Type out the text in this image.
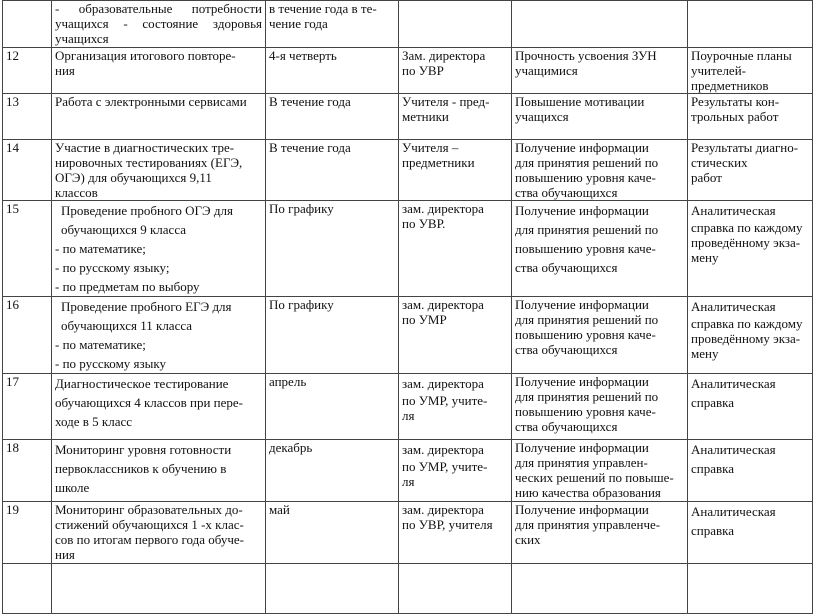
	- образовательные потребности учащихся - состояние здоровья учащихся	в течение года в те-
чение года			

12	Организация итогового повторе-
ния	4-я четверть	Зам. директора
по УВР	Прочность усвоения ЗУН
учащимися	Поурочные планы
учителей-
предметников

13	Работа с электронными сервисами	В течение года	Учителя - пред-
метники	Повышение мотивации
учащихся	Результаты кон-
трольных работ

14	Участие в диагностических тре-
нировочных тестированиях (ЕГЭ,
ОГЭ) для обучающихся 9,11
классов	В течение года	Учителя –
предметники	Получение информации
для принятия решений по
повышению уровня каче-
ства обучающихся	Результаты диагно-
стических
работ

15	Проведение пробного ОГЭ для
обучающихся 9 класса
- по математике;
- по русскому языку;
- по предметам по выбору	По графику	зам. директора
по УВР.	Получение информации
для принятия решений по
повышению уровня каче-
ства обучающихся	Аналитическая
справка по каждому
проведённому экза-
мену

16	Проведение пробного ЕГЭ для
обучающихся 11 класса
- по математике;
- по русскому языку	По графику	зам. директора
по УМР	Получение информации
для принятия решений по
повышению уровня каче-
ства обучающихся	Аналитическая
справка по каждому
проведённому экза-
мену

17	Диагностическое тестирование
обучающихся 4 классов при пере-
ходе в 5 класс	апрель	зам. директора
по УМР, учите-
ля	Получение информации
для принятия решений по
повышению уровня каче-
ства обучающихся	Аналитическая
справка

18	Мониторинг уровня готовности
первоклассников к обучению в
школе	декабрь	зам. директора
по УМР, учите-
ля	Получение информации
для принятия управлен-
ческих решений по повыше-
нию качества образования	Аналитическая
справка

19	Мониторинг образовательных до-
стижений обучающихся 1 -х клас-
сов по итогам первого года обуче-
ния	май	зам. директора
по УВР, учителя	Получение информации
для принятия управленче-
ских	Аналитическая
справка
